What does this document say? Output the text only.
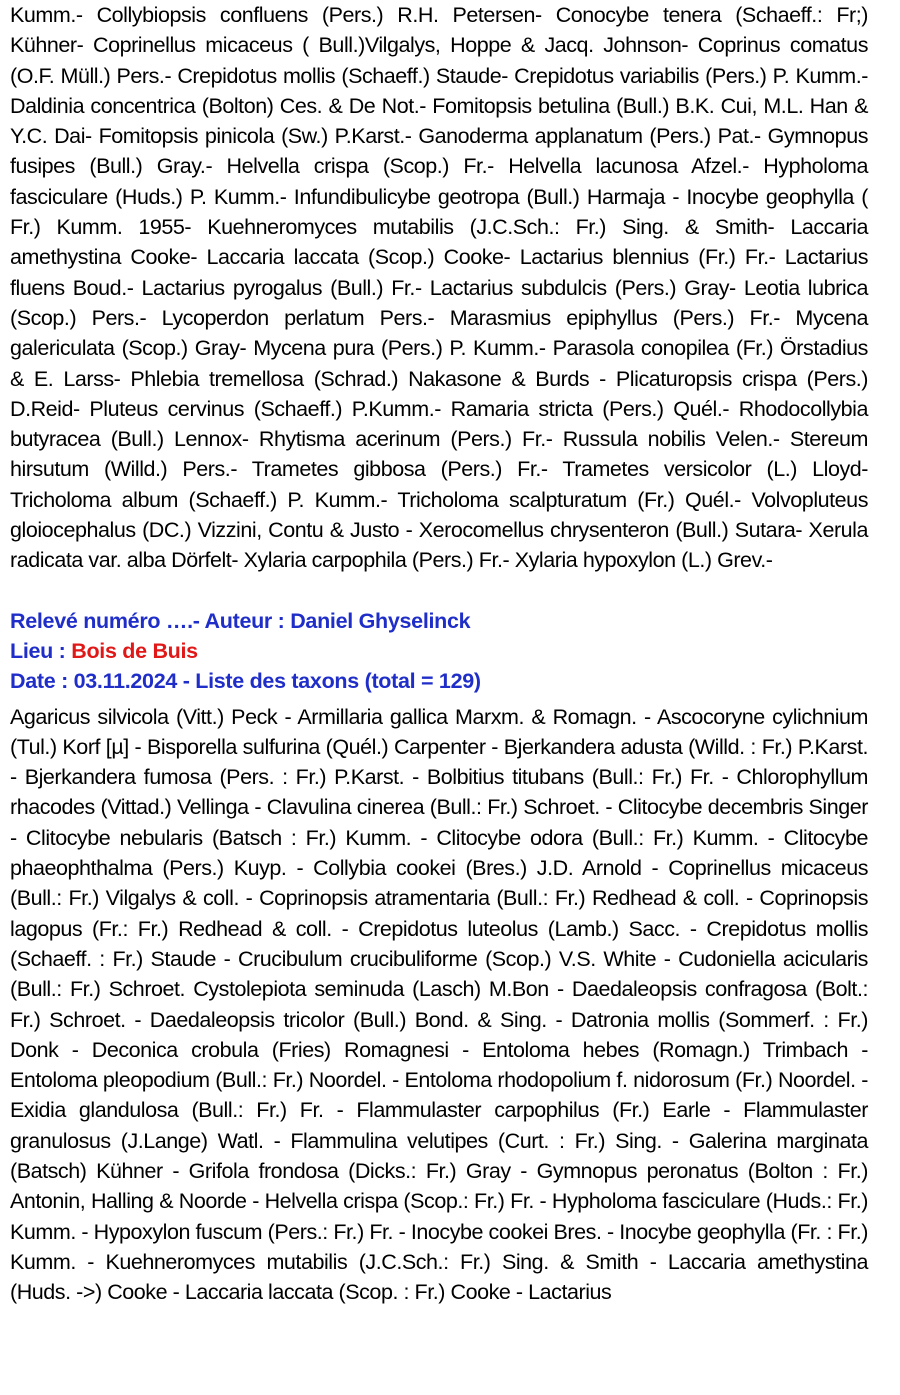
Kumm.- Collybiopsis confluens (Pers.) R.H. Petersen- Conocybe tenera (Schaeff.: Fr;) Kühner- Coprinellus micaceus ( Bull.)Vilgalys, Hoppe & Jacq. Johnson- Coprinus comatus (O.F. Müll.) Pers.- Crepidotus mollis (Schaeff.) Staude- Crepidotus variabilis (Pers.) P. Kumm.- Daldinia concentrica (Bolton) Ces. & De Not.- Fomitopsis betulina (Bull.) B.K. Cui, M.L. Han & Y.C. Dai- Fomitopsis pinicola (Sw.) P.Karst.- Ganoderma applanatum (Pers.) Pat.- Gymnopus fusipes (Bull.) Gray.- Helvella crispa (Scop.) Fr.- Helvella lacunosa Afzel.- Hypholoma fasciculare (Huds.) P. Kumm.- Infundibulicybe geotropa (Bull.) Harmaja - Inocybe geophylla ( Fr.) Kumm. 1955- Kuehneromyces mutabilis (J.C.Sch.: Fr.) Sing. & Smith- Laccaria amethystina Cooke- Laccaria laccata (Scop.) Cooke- Lactarius blennius (Fr.) Fr.- Lactarius fluens Boud.- Lactarius pyrogalus (Bull.) Fr.- Lactarius subdulcis (Pers.) Gray- Leotia lubrica (Scop.) Pers.- Lycoperdon perlatum Pers.- Marasmius epiphyllus (Pers.) Fr.- Mycena galericulata (Scop.) Gray- Mycena pura (Pers.) P. Kumm.- Parasola conopilea (Fr.) Örstadius & E. Larss- Phlebia tremellosa (Schrad.) Nakasone & Burds - Plicaturopsis crispa (Pers.) D.Reid- Pluteus cervinus (Schaeff.) P.Kumm.- Ramaria stricta (Pers.) Quél.- Rhodocollybia butyracea (Bull.) Lennox- Rhytisma acerinum (Pers.) Fr.- Russula nobilis Velen.- Stereum hirsutum (Willd.) Pers.- Trametes gibbosa (Pers.) Fr.- Trametes versicolor (L.) Lloyd- Tricholoma album (Schaeff.) P. Kumm.- Tricholoma scalpturatum (Fr.) Quél.- Volvopluteus gloiocephalus (DC.) Vizzini, Contu & Justo - Xerocomellus chrysenteron (Bull.) Sutara- Xerula radicata var. alba Dörfelt- Xylaria carpophila (Pers.) Fr.- Xylaria hypoxylon (L.) Grev.-

Relevé numéro ….- Auteur : Daniel Ghyselinck

Lieu : Bois de Buis

Date : 03.11.2024 - Liste des taxons (total = 129)

Agaricus silvicola (Vitt.) Peck - Armillaria gallica Marxm. & Romagn. - Ascocoryne cylichnium (Tul.) Korf [µ] - Bisporella sulfurina (Quél.) Carpenter - Bjerkandera adusta (Willd. : Fr.) P.Karst. - Bjerkandera fumosa (Pers. : Fr.) P.Karst. - Bolbitius titubans (Bull.: Fr.) Fr. - Chlorophyllum rhacodes (Vittad.) Vellinga - Clavulina cinerea (Bull.: Fr.) Schroet. - Clitocybe decembris Singer - Clitocybe nebularis (Batsch : Fr.) Kumm. - Clitocybe odora (Bull.: Fr.) Kumm. - Clitocybe phaeophthalma (Pers.) Kuyp. - Collybia cookei (Bres.) J.D. Arnold - Coprinellus micaceus (Bull.: Fr.) Vilgalys & coll. - Coprinopsis atramentaria (Bull.: Fr.) Redhead & coll. - Coprinopsis lagopus (Fr.: Fr.) Redhead & coll. - Crepidotus luteolus (Lamb.) Sacc. - Crepidotus mollis (Schaeff. : Fr.) Staude - Crucibulum crucibuliforme (Scop.) V.S. White - Cudoniella acicularis (Bull.: Fr.) Schroet. Cystolepiota seminuda (Lasch) M.Bon - Daedaleopsis confragosa (Bolt.: Fr.) Schroet. - Daedaleopsis tricolor (Bull.) Bond. & Sing. - Datronia mollis (Sommerf. : Fr.) Donk - Deconica crobula (Fries) Romagnesi - Entoloma hebes (Romagn.) Trimbach - Entoloma pleopodium (Bull.: Fr.) Noordel. - Entoloma rhodopolium f. nidorosum (Fr.) Noordel. - Exidia glandulosa (Bull.: Fr.) Fr. - Flammulaster carpophilus (Fr.) Earle - Flammulaster granulosus (J.Lange) Watl. - Flammulina velutipes (Curt. : Fr.) Sing. - Galerina marginata (Batsch) Kühner - Grifola frondosa (Dicks.: Fr.) Gray - Gymnopus peronatus (Bolton : Fr.) Antonin, Halling & Noorde - Helvella crispa (Scop.: Fr.) Fr. - Hypholoma fasciculare (Huds.: Fr.) Kumm. - Hypoxylon fuscum (Pers.: Fr.) Fr. - Inocybe cookei Bres. - Inocybe geophylla (Fr. : Fr.) Kumm. - Kuehneromyces mutabilis (J.C.Sch.: Fr.) Sing. & Smith - Laccaria amethystina (Huds. ->) Cooke - Laccaria laccata (Scop. : Fr.) Cooke - Lactarius
